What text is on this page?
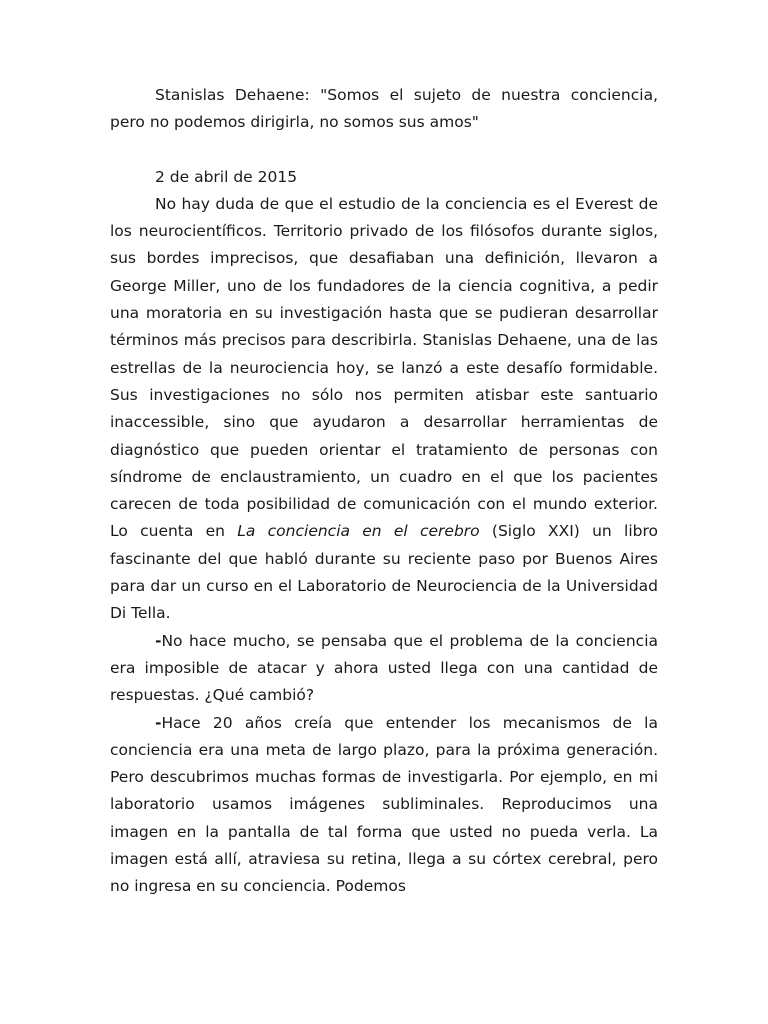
Stanislas Dehaene: "Somos el sujeto de nuestra conciencia, pero no podemos dirigirla, no somos sus amos"

2 de abril de 2015

No hay duda de que el estudio de la conciencia es el Everest de los neurocientíficos. Territorio privado de los filósofos durante siglos, sus bordes imprecisos, que desafiaban una definición, llevaron a George Miller, uno de los fundadores de la ciencia cognitiva, a pedir una moratoria en su investigación hasta que se pudieran desarrollar términos más precisos para describirla. Stanislas Dehaene, una de las estrellas de la neurociencia hoy, se lanzó a este desafío formidable. Sus investigaciones no sólo nos permiten atisbar este santuario inaccessible, sino que ayudaron a desarrollar herramientas de diagnóstico que pueden orientar el tratamiento de personas con síndrome de enclaustramiento, un cuadro en el que los pacientes carecen de toda posibilidad de comunicación con el mundo exterior. Lo cuenta en La conciencia en el cerebro (Siglo XXI) un libro fascinante del que habló durante su reciente paso por Buenos Aires para dar un curso en el Laboratorio de Neurociencia de la Universidad Di Tella.

-No hace mucho, se pensaba que el problema de la conciencia era imposible de atacar y ahora usted llega con una cantidad de respuestas. ¿Qué cambió?

-Hace 20 años creía que entender los mecanismos de la conciencia era una meta de largo plazo, para la próxima generación. Pero descubrimos muchas formas de investigarla. Por ejemplo, en mi laboratorio usamos imágenes subliminales. Reproducimos una imagen en la pantalla de tal forma que usted no pueda verla. La imagen está allí, atraviesa su retina, llega a su córtex cerebral, pero no ingresa en su conciencia. Podemos
